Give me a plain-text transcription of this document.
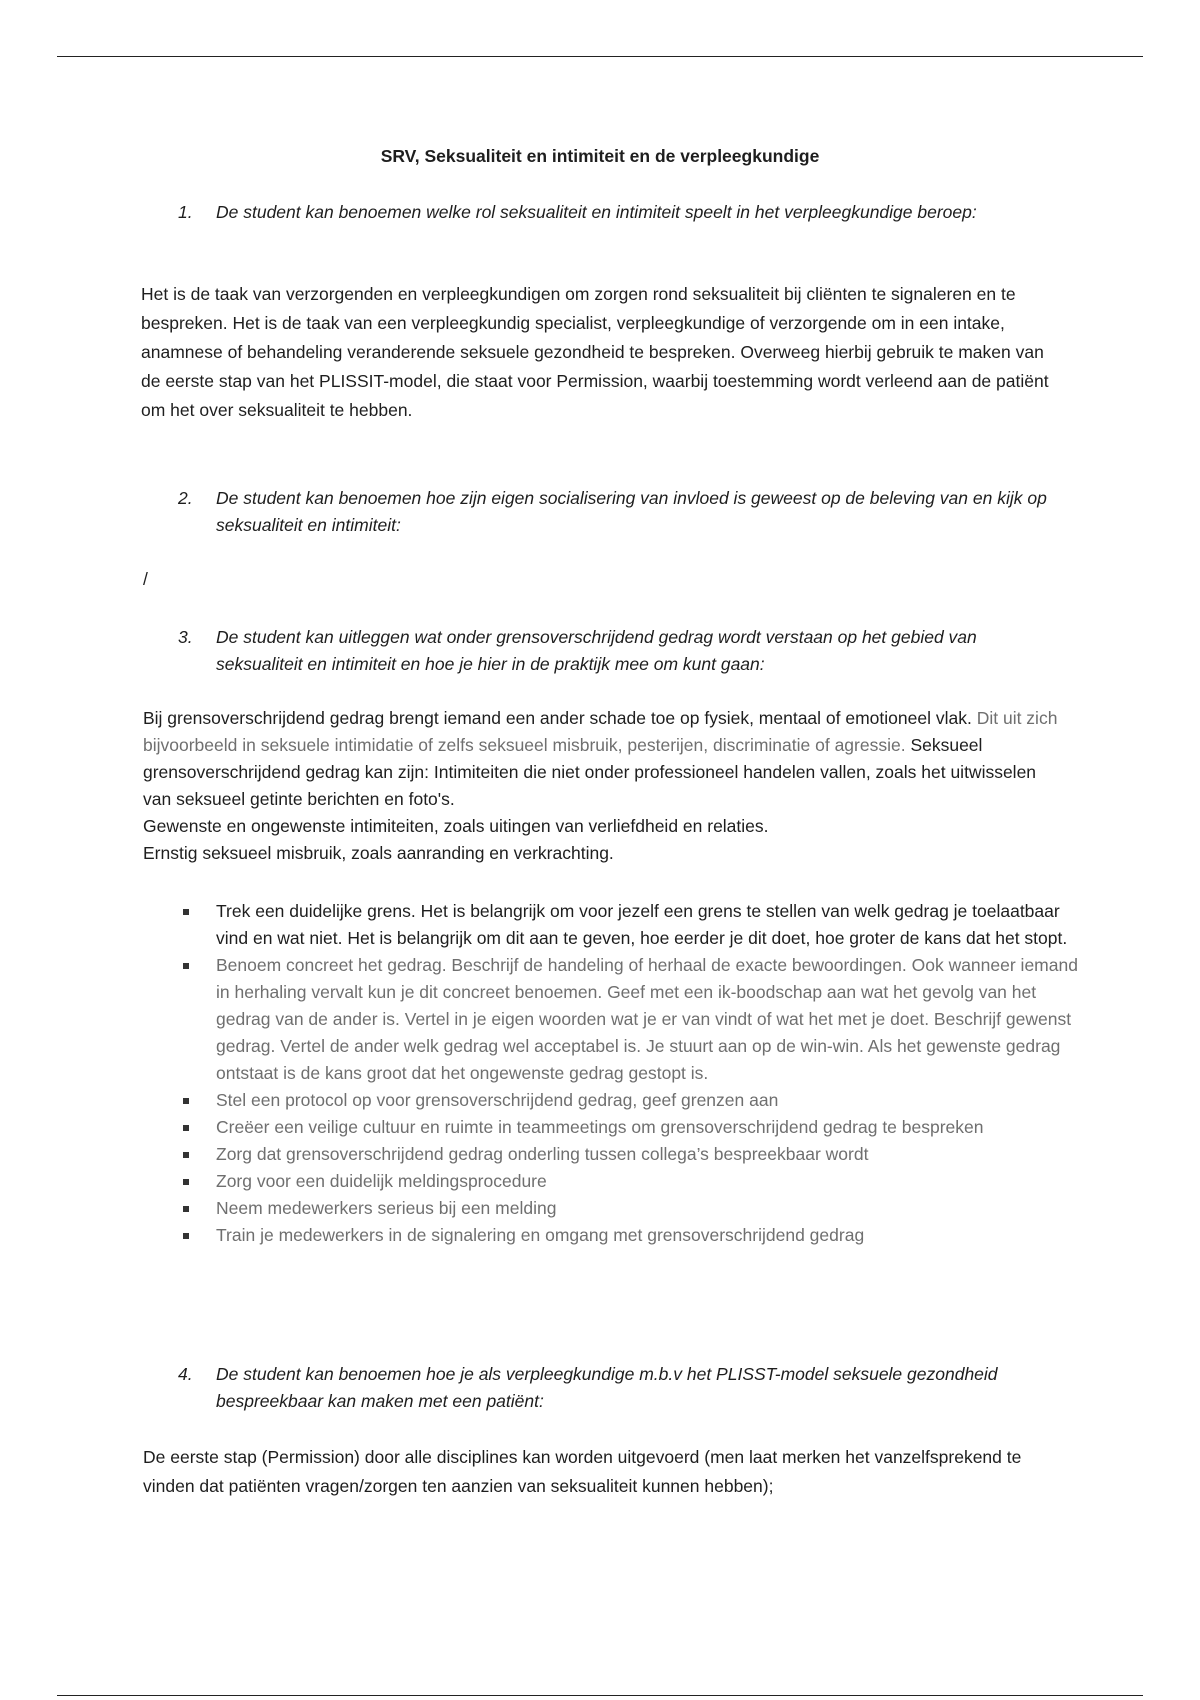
SRV, Seksualiteit en intimiteit en de verpleegkundige
1. De student kan benoemen welke rol seksualiteit en intimiteit speelt in het verpleegkundige beroep:

Het is de taak van verzorgenden en verpleegkundigen om zorgen rond seksualiteit bij cliënten te signaleren en te bespreken. Het is de taak van een verpleegkundig specialist, verpleegkundige of verzorgende om in een intake, anamnese of behandeling veranderende seksuele gezondheid te bespreken. Overweeg hierbij gebruik te maken van de eerste stap van het PLISSIT-model, die staat voor Permission, waarbij toestemming wordt verleend aan de patiënt om het over seksualiteit te hebben.

2. De student kan benoemen hoe zijn eigen socialisering van invloed is geweest op de beleving van en kijk op seksualiteit en intimiteit:

/

3. De student kan uitleggen wat onder grensoverschrijdend gedrag wordt verstaan op het gebied van seksualiteit en intimiteit en hoe je hier in de praktijk mee om kunt gaan:

Bij grensoverschrijdend gedrag brengt iemand een ander schade toe op fysiek, mentaal of emotioneel vlak. Dit uit zich bijvoorbeeld in seksuele intimidatie of zelfs seksueel misbruik, pesterijen, discriminatie of agressie. Seksueel grensoverschrijdend gedrag kan zijn: Intimiteiten die niet onder professioneel handelen vallen, zoals het uitwisselen van seksueel getinte berichten en foto's.
Gewenste en ongewenste intimiteiten, zoals uitingen van verliefdheid en relaties.
Ernstig seksueel misbruik, zoals aanranding en verkrachting.

Trek een duidelijke grens. Het is belangrijk om voor jezelf een grens te stellen van welk gedrag je toelaatbaar vind en wat niet. Het is belangrijk om dit aan te geven, hoe eerder je dit doet, hoe groter de kans dat het stopt.
Benoem concreet het gedrag. Beschrijf de handeling of herhaal de exacte bewoordingen. Ook wanneer iemand in herhaling vervalt kun je dit concreet benoemen. Geef met een ik-boodschap aan wat het gevolg van het gedrag van de ander is. Vertel in je eigen woorden wat je er van vindt of wat het met je doet. Beschrijf gewenst gedrag. Vertel de ander welk gedrag wel acceptabel is. Je stuurt aan op de win-win. Als het gewenste gedrag ontstaat is de kans groot dat het ongewenste gedrag gestopt is.
Stel een protocol op voor grensoverschrijdend gedrag, geef grenzen aan
Creëer een veilige cultuur en ruimte in teammeetings om grensoverschrijdend gedrag te bespreken
Zorg dat grensoverschrijdend gedrag onderling tussen collega’s bespreekbaar wordt
Zorg voor een duidelijk meldingsprocedure
Neem medewerkers serieus bij een melding
Train je medewerkers in de signalering en omgang met grensoverschrijdend gedrag
4. De student kan benoemen hoe je als verpleegkundige m.b.v het PLISST-model seksuele gezondheid bespreekbaar kan maken met een patiënt:

De eerste stap (Permission) door alle disciplines kan worden uitgevoerd (men laat merken het vanzelfsprekend te vinden dat patiënten vragen/zorgen ten aanzien van seksualiteit kunnen hebben);
